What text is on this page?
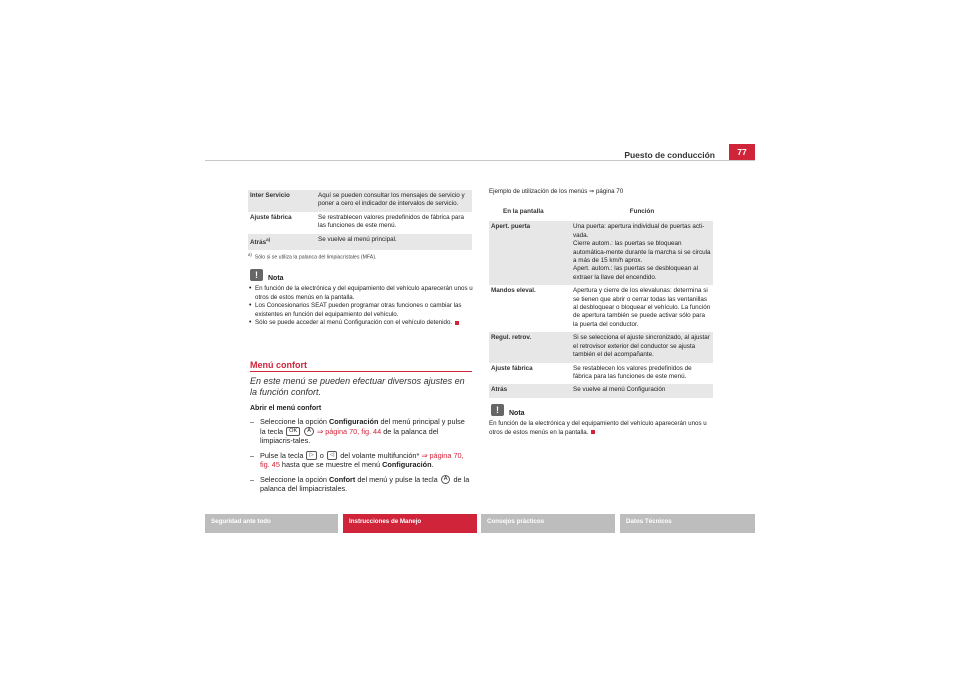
Puesto de conducción	77
Inter Servicio	Aquí se pueden consultar los mensajes de servicio y poner a cero el indicador de intervalos de servicio.
Ajuste fábrica	Se restrablecen valores predefinidos de fábrica para las funciones de este menú.
Atrás$^{a)}$	Se vuelve al menú principal.
$^{a)}$  Sólo si se utiliza la palanca del limpiacristales (MFA).
!	Nota
• En función de la electrónica y del equipamiento del vehículo aparecerán unos u otros de estos menús en la pantalla.
• Los Concesionarios SEAT pueden programar otras funciones o cambiar las existentes en función del equipamiento del vehículo.
• Sólo se puede acceder al menú Configuración con el vehículo detenido.
Menú confort
En este menú se pueden efectuar diversos ajustes en la función confort.
Abrir el menú confort
– Seleccione la opción Configuración del menú principal y pulse la tecla OK A ⇒ página 70, fig. 44 de la palanca del limpiacris-tales.
– Pulse la tecla ▷ o ◁ del volante multifunción* ⇒ página 70, fig. 45 hasta que se muestre el menú Configuración.
– Seleccione la opción Confort del menú y pulse la tecla A de la palanca del limpiacristales.
Ejemplo de utilización de los menús ⇒ página 70
En la pantalla	Función
Apert. puerta	Una puerta: apertura individual de puertas acti-vada.
Cierre autom.: las puertas se bloquean automática-mente durante la marcha si se circula a más de 15 km/h aprox.
Apert. autom.: las puertas se desbloquean al extraer la llave del encendido.
Mandos eleval.	Apertura y cierre de los elevalunas: determina si se tienen que abrir o cerrar todas las ventanillas al desbloquear o bloquear el vehículo. La función de apertura también se puede activar sólo para la puerta del conductor.
Regul. retrov.	Si se selecciona el ajuste sincronizado, al ajustar el retrovisor exterior del conductor se ajusta también el del acompañante.
Ajuste fábrica	Se restablecen los valores predefinidos de fábrica para las funciones de este menú.
Atrás	Se vuelve al menú Configuración
!	Nota
En función de la electrónica y del equipamiento del vehículo aparecerán unos u otros de estos menús en la pantalla.
Seguridad ante todo	Instrucciones de Manejo	Consejos prácticos	Datos Técnicos
